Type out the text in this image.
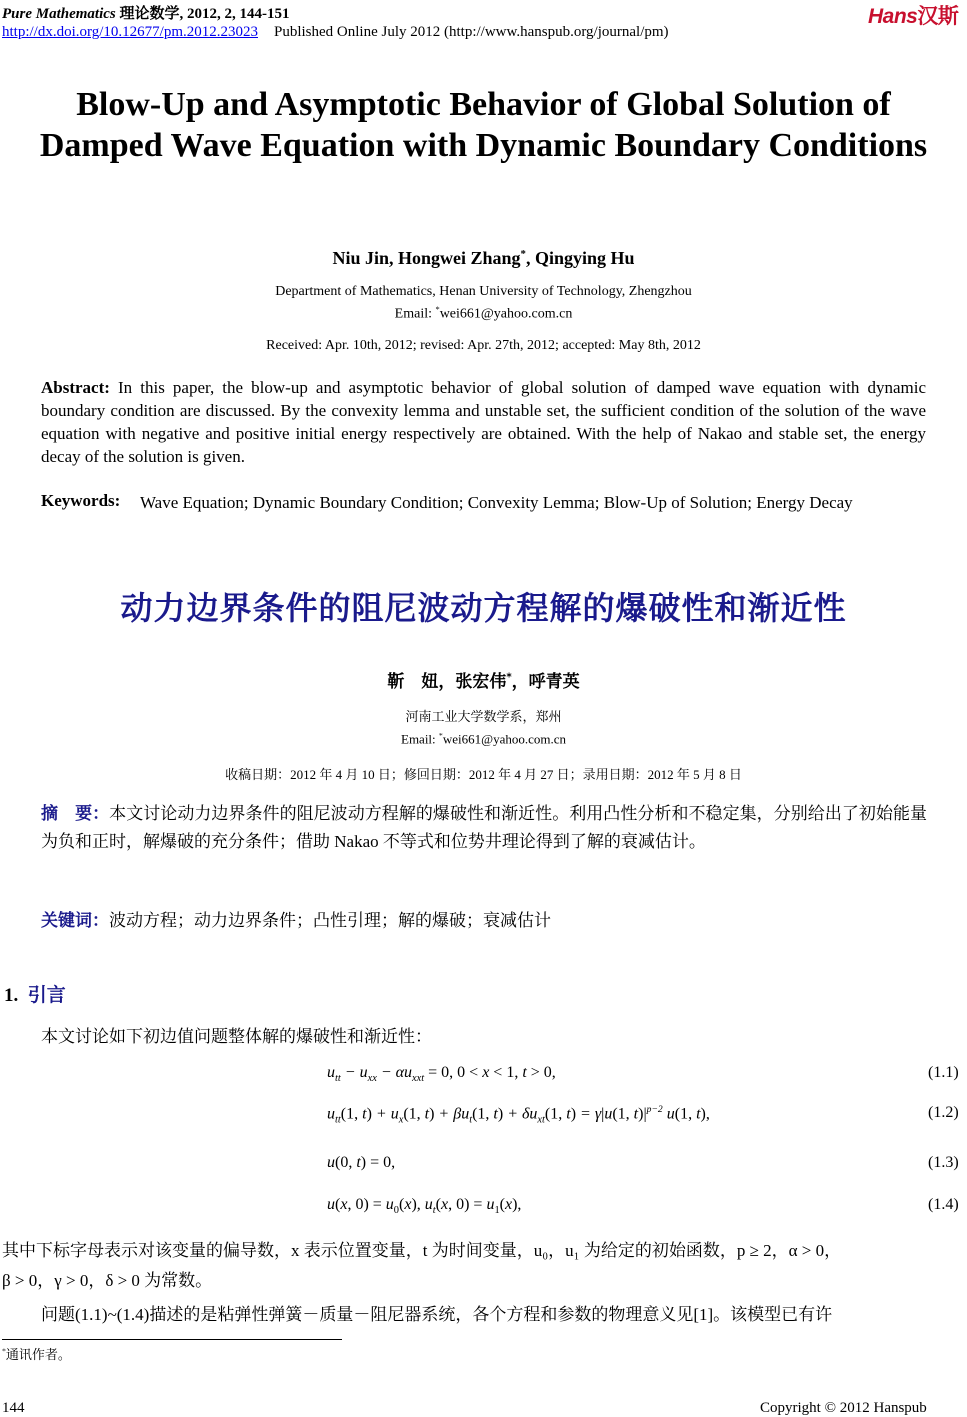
Pure Mathematics 理论数学, 2012, 2, 144-151
http://dx.doi.org/10.12677/pm.2012.23023 Published Online July 2012 (http://www.hanspub.org/journal/pm)
Hans汉斯
Blow-Up and Asymptotic Behavior of Global Solution of Damped Wave Equation with Dynamic Boundary Conditions
Niu Jin, Hongwei Zhang*, Qingying Hu
Department of Mathematics, Henan University of Technology, Zhengzhou
Email: *wei661@yahoo.com.cn
Received: Apr. 10th, 2012; revised: Apr. 27th, 2012; accepted: May 8th, 2012
Abstract: In this paper, the blow-up and asymptotic behavior of global solution of damped wave equation with dynamic boundary condition are discussed. By the convexity lemma and unstable set, the sufficient condition of the solution of the wave equation with negative and positive initial energy respectively are obtained. With the help of Nakao and stable set, the energy decay of the solution is given.
Keywords: Wave Equation; Dynamic Boundary Condition; Convexity Lemma; Blow-Up of Solution; Energy Decay
动力边界条件的阻尼波动方程解的爆破性和渐近性
靳　妞，张宏伟*，呼青英
河南工业大学数学系，郑州
Email: *wei661@yahoo.com.cn
收稿日期：2012 年 4 月 10 日；修回日期：2012 年 4 月 27 日；录用日期：2012 年 5 月 8 日
摘　要：本文讨论动力边界条件的阻尼波动方程解的爆破性和渐近性。利用凸性分析和不稳定集，分别给出了初始能量为负和正时，解爆破的充分条件；借助 Nakao 不等式和位势井理论得到了解的衰减估计。
关键词：波动方程；动力边界条件；凸性引理；解的爆破；衰减估计
1. 引言
本文讨论如下初边值问题整体解的爆破性和渐近性：
$u_{tt} - u_{xx} - \alpha u_{xxt} = 0$, 0 < x < 1, t > 0,	(1.1)
$u_{tt}(1$, $t) + u_x(1$, $t) + \beta u_t(1$, $t) + \delta u_{xt}(1$, t) = γ|u(1, $t)|^{p-2}$ u(1, t),	(1.2)
u(0, t) = 0,	(1.3)
u(x, $0) = u_0(x)$, $u_t(x$, $0) = u_1(x)$,	(1.4)
其中下标字母表示对该变量的偏导数，x 表示位置变量，t 为时间变量，u₀，u₁ 为给定的初始函数，p ≥ 2，α > 0，
β > 0，γ > 0，δ > 0 为常数。
问题(1.1)~(1.4)描述的是粘弹性弹簧－质量－阻尼器系统，各个方程和参数的物理意义见[1]。该模型已有许
*通讯作者。
144	Copyright © 2012 Hanspub
